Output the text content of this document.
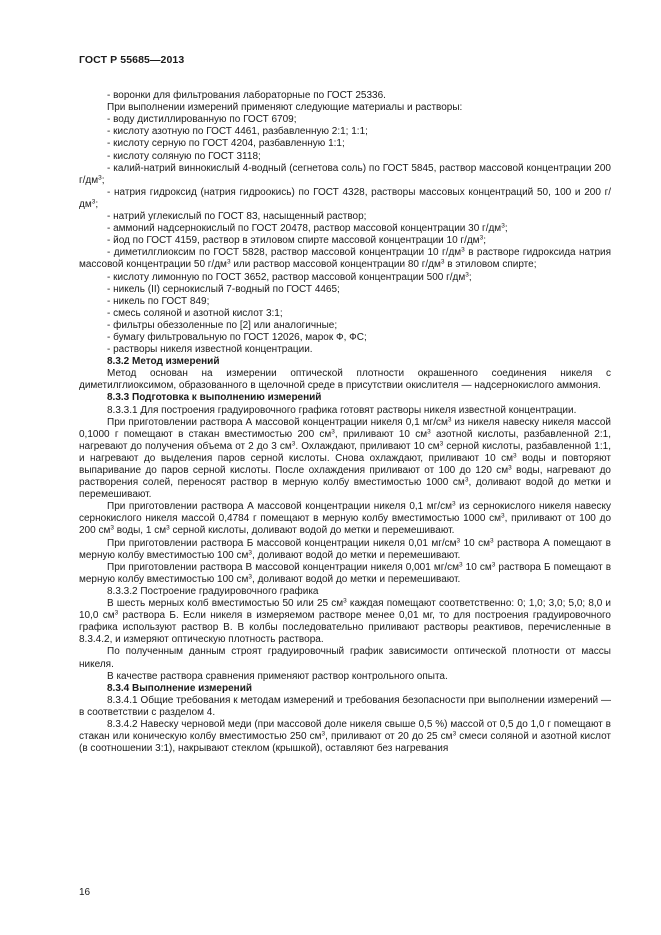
ГОСТ Р 55685—2013

- воронки для фильтрования лабораторные по ГОСТ 25336.

При выполнении измерений применяют следующие материалы и растворы:

- воду дистиллированную по ГОСТ 6709;

- кислоту азотную по ГОСТ 4461, разбавленную 2:1; 1:1;

- кислоту серную по ГОСТ 4204, разбавленную 1:1;

- кислоту соляную по ГОСТ 3118;

- калий-натрий виннокислый 4-водный (сегнетова соль) по ГОСТ 5845, раствор массовой концентрации 200 $г/дм^3$;

- натрия гидроксид (натрия гидроокись) по ГОСТ 4328, растворы массовых концентраций 50, 100 и 200 $г/дм^3$;

- натрий углекислый по ГОСТ 83, насыщенный раствор;

- аммоний надсернокислый по ГОСТ 20478, раствор массовой концентрации 30 $г/дм^3$;

- йод по ГОСТ 4159, раствор в этиловом спирте массовой концентрации 10 $г/дм^3$;

- диметилглиоксим по ГОСТ 5828, раствор массовой концентрации 10 $г/дм^3$ в растворе гидроксида натрия массовой концентрации 50 $г/дм^3$ или раствор массовой концентрации 80 $г/дм^3$ в этиловом спирте;

- кислоту лимонную по ГОСТ 3652, раствор массовой концентрации 500 $г/дм^3$;

- никель (II) сернокислый 7-водный по ГОСТ 4465;

- никель по ГОСТ 849;

- смесь соляной и азотной кислот 3:1;

- фильтры обеззоленные по [2] или аналогичные;

- бумагу фильтровальную по ГОСТ 12026, марок Ф, ФС;

- растворы никеля известной концентрации.

8.3.2 Метод измерений

Метод основан на измерении оптической плотности окрашенного соединения никеля с диметилглиоксимом, образованного в щелочной среде в присутствии окислителя — надсернокислого аммония.

8.3.3 Подготовка к выполнению измерений

8.3.3.1 Для построения градуировочного графика готовят растворы никеля известной концентрации.

При приготовлении раствора А массовой концентрации никеля 0,1 $мг/см^3$ из никеля навеску никеля массой 0,1000 г помещают в стакан вместимостью 200 $см^3$, приливают 10 $см^3$ азотной кислоты, разбавленной 2:1, нагревают до получения объема от 2 до 3 $см^3$. Охлаждают, приливают 10 $см^3$ серной кислоты, разбавленной 1:1, и нагревают до выделения паров серной кислоты. Снова охлаждают, приливают 10 $см^3$ воды и повторяют выпаривание до паров серной кислоты. После охлаждения приливают от 100 до 120 $см^3$ воды, нагревают до растворения солей, переносят раствор в мерную колбу вместимостью 1000 $см^3$, доливают водой до метки и перемешивают.

При приготовлении раствора А массовой концентрации никеля 0,1 $мг/см^3$ из сернокислого никеля навеску сернокислого никеля массой 0,4784 г помещают в мерную колбу вместимостью 1000 $см^3$, приливают от 100 до 200 $см^3$ воды, 1 $см^3$ серной кислоты, доливают водой до метки и перемешивают.

При приготовлении раствора Б массовой концентрации никеля 0,01 $мг/см^3$ 10 $см^3$ раствора А помещают в мерную колбу вместимостью 100 $см^3$, доливают водой до метки и перемешивают.

При приготовлении раствора В массовой концентрации никеля 0,001 $мг/см^3$ 10 $см^3$ раствора Б помещают в мерную колбу вместимостью 100 $см^3$, доливают водой до метки и перемешивают.

8.3.3.2 Построение градуировочного графика

В шесть мерных колб вместимостью 50 или 25 $см^3$ каждая помещают соответственно: 0; 1,0; 3,0; 5,0; 8,0 и 10,0 $см^3$ раствора Б. Если никеля в измеряемом растворе менее 0,01 мг, то для построения градуировочного графика используют раствор В. В колбы последовательно приливают растворы реактивов, перечисленные в 8.3.4.2, и измеряют оптическую плотность раствора.

По полученным данным строят градуировочный график зависимости оптической плотности от массы никеля.

В качестве раствора сравнения применяют раствор контрольного опыта.

8.3.4 Выполнение измерений

8.3.4.1 Общие требования к методам измерений и требования безопасности при выполнении измерений — в соответствии с разделом 4.

8.3.4.2 Навеску черновой меди (при массовой доле никеля свыше 0,5 %) массой от 0,5 до 1,0 г помещают в стакан или коническую колбу вместимостью 250 $см^3$, приливают от 20 до 25 $см^3$ смеси соляной и азотной кислот (в соотношении 3:1), накрывают стеклом (крышкой), оставляют без нагревания

16
